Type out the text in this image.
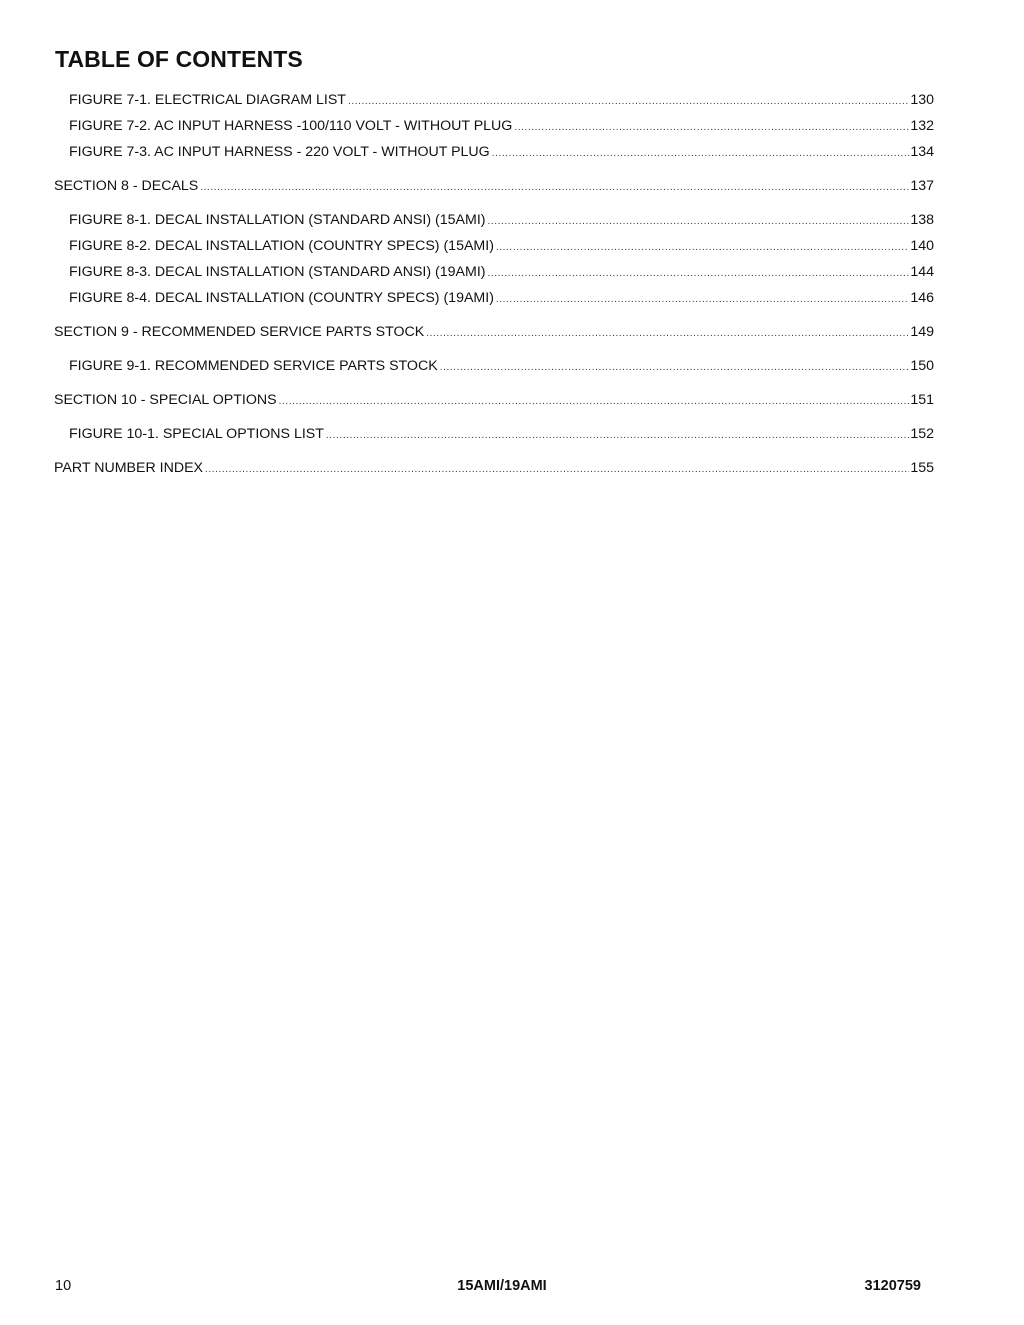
TABLE OF CONTENTS
FIGURE 7-1. ELECTRICAL DIAGRAM LIST .....	130
FIGURE 7-2. AC INPUT HARNESS -100/110 VOLT - WITHOUT PLUG .....	132
FIGURE 7-3. AC INPUT HARNESS - 220 VOLT - WITHOUT PLUG .....	134
SECTION 8 - DECALS .....	137
FIGURE 8-1. DECAL INSTALLATION (STANDARD ANSI) (15AMI) .....	138
FIGURE 8-2. DECAL INSTALLATION (COUNTRY SPECS) (15AMI) .....	140
FIGURE 8-3. DECAL INSTALLATION (STANDARD ANSI) (19AMI) .....	144
FIGURE 8-4. DECAL INSTALLATION (COUNTRY SPECS) (19AMI) .....	146
SECTION 9 - RECOMMENDED SERVICE PARTS STOCK .....	149
FIGURE 9-1. RECOMMENDED SERVICE PARTS STOCK .....	150
SECTION 10 - SPECIAL OPTIONS .....	151
FIGURE 10-1. SPECIAL OPTIONS LIST .....	152
PART NUMBER INDEX .....	155
10	15AMI/19AMI	3120759
